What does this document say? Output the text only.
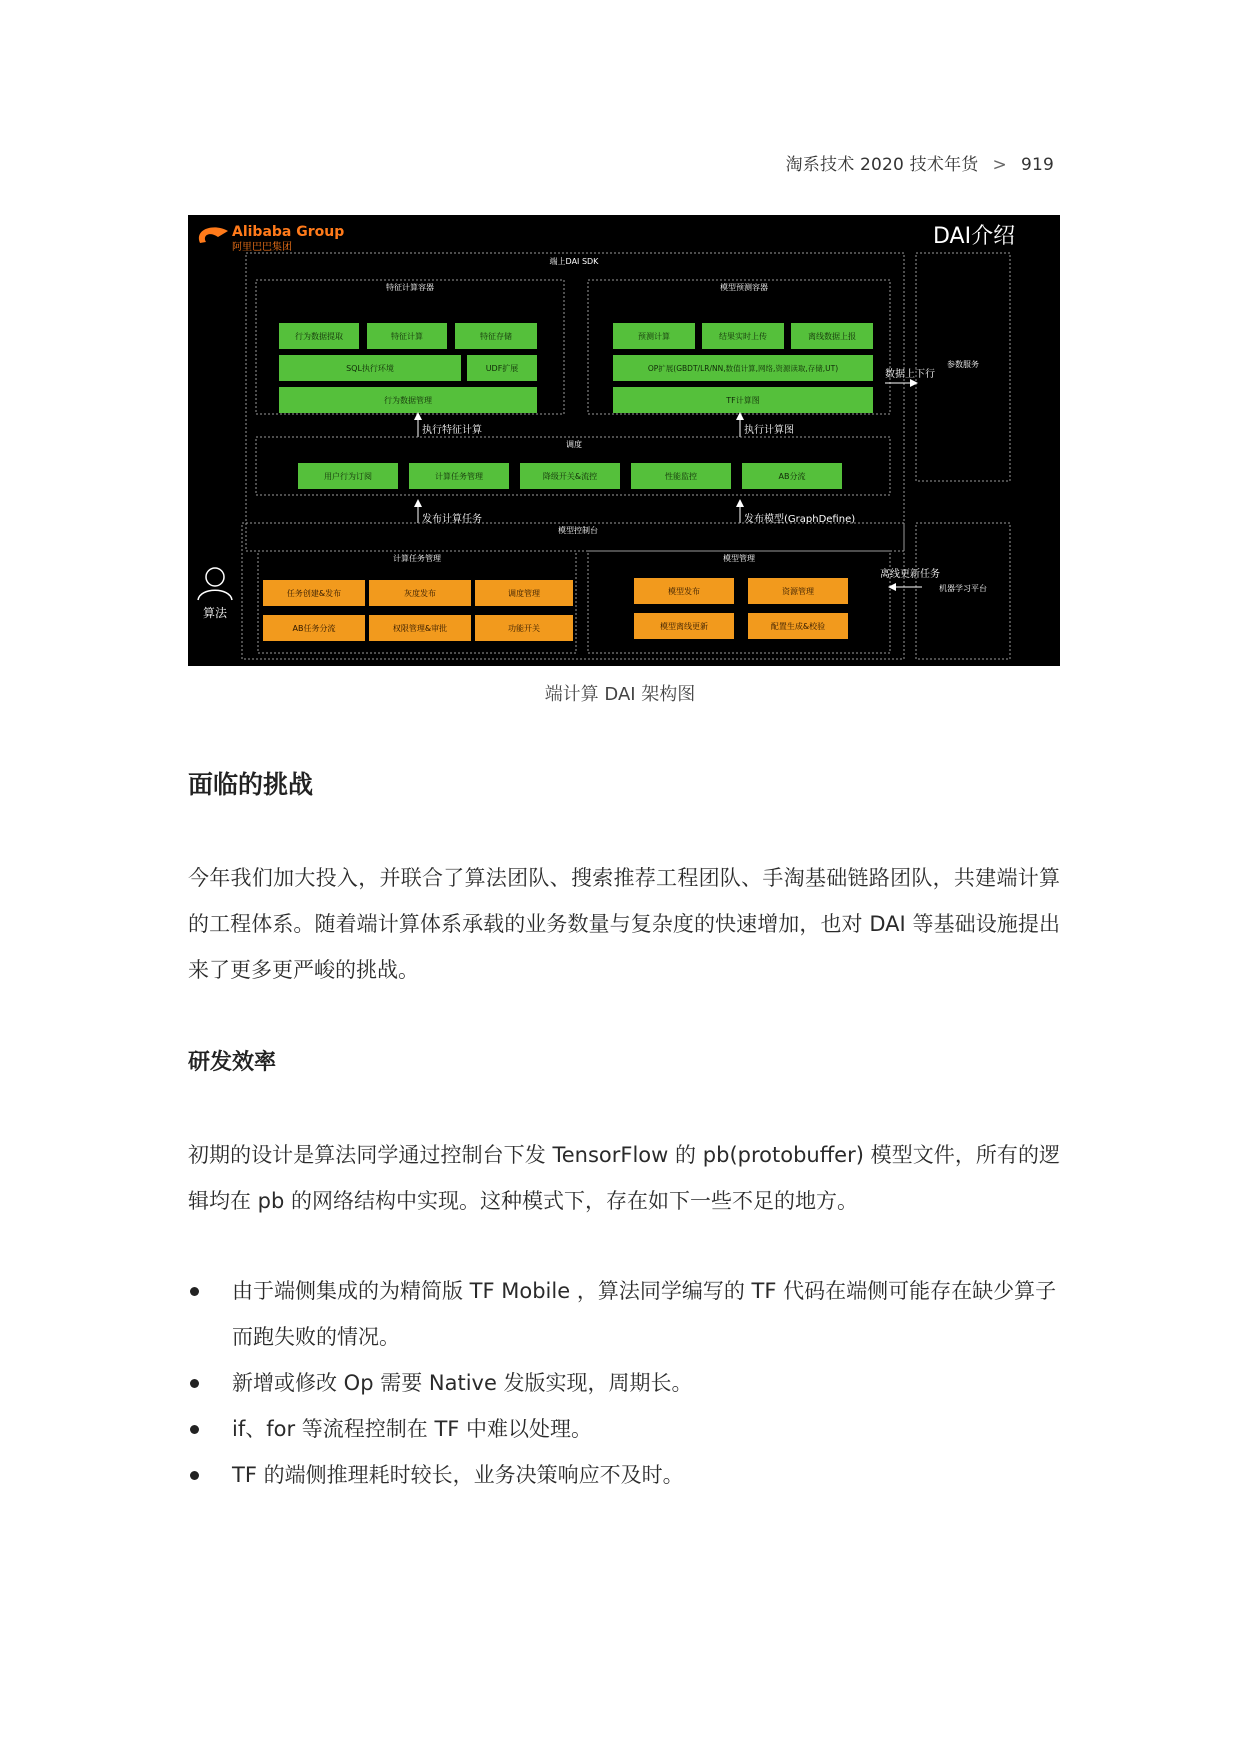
淘系技术 2020 技术年货 > 919
Alibaba Group
阿里巴巴集团	DAI介绍
端上DAI SDK
特征计算容器
行为数据提取	特征计算	特征存储
SQL执行环境	UDF扩展
行为数据管理
模型预测容器
预测计算	结果实时上传	离线数据上报
OP扩展(GBDT/LR/NN,数值计算,网络,资源读取,存储,UT)
TF计算图
参数服务
数据上下行
执行特征计算	执行计算图
调度
用户行为订阅	计算任务管理	降级开关&流控	性能监控	AB分流
发布计算任务	发布模型(GraphDefine)
模型控制台
计算任务管理
任务创建&发布	灰度发布	调度管理
AB任务分流	权限管理&审批	功能开关
模型管理
模型发布	资源管理
模型离线更新	配置生成&校验
机器学习平台
离线更新任务
算法
端计算 DAI 架构图
面临的挑战

今年我们加大投入，并联合了算法团队、搜索推荐工程团队、手淘基础链路团队，共建端计算的工程体系。随着端计算体系承载的业务数量与复杂度的快速增加，也对 DAI 等基础设施提出来了更多更严峻的挑战。

研发效率

初期的设计是算法同学通过控制台下发 TensorFlow 的 pb(protobuffer) 模型文件，所有的逻辑均在 pb 的网络结构中实现。这种模式下，存在如下一些不足的地方。

由于端侧集成的为精简版 TF Mobile ，算法同学编写的 TF 代码在端侧可能存在缺少算子而跑失败的情况。
新增或修改 Op 需要 Native 发版实现，周期长。
if、for 等流程控制在 TF 中难以处理。
TF 的端侧推理耗时较长，业务决策响应不及时。
